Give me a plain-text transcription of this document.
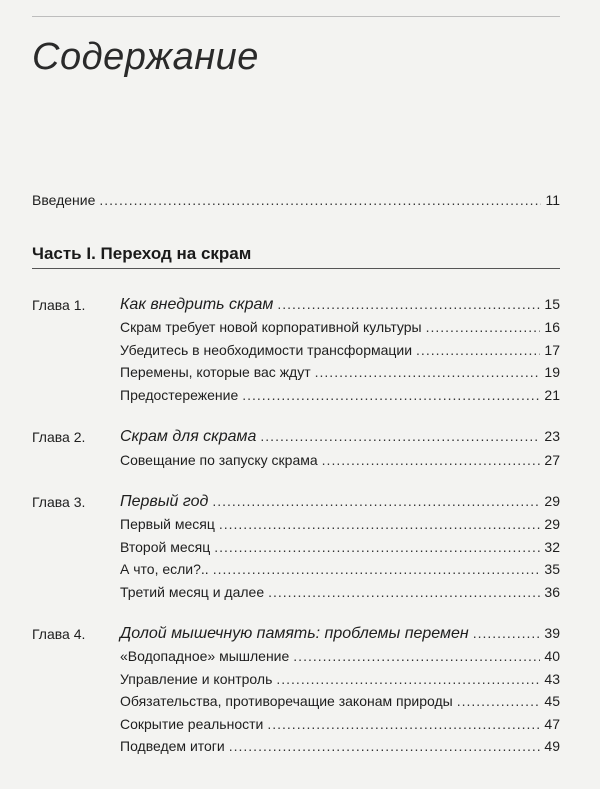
Содержание
Введение .....	11
Часть I. Переход на скрам
Глава 1. Как внедрить скрам .....	15
Скрам требует новой корпоративной культуры .....	16
Убедитесь в необходимости трансформации .....	17
Перемены, которые вас ждут .....	19
Предостережение .....	21
Глава 2. Скрам для скрама .....	23
Совещание по запуску скрама .....	27
Глава 3. Первый год .....	29
Первый месяц .....	29
Второй месяц .....	32
А что, если?.. .....	35
Третий месяц и далее .....	36
Глава 4. Долой мышечную память: проблемы перемен .....	39
«Водопадное» мышление .....	40
Управление и контроль .....	43
Обязательства, противоречащие законам природы .....	45
Сокрытие реальности .....	47
Подведем итоги .....	49
